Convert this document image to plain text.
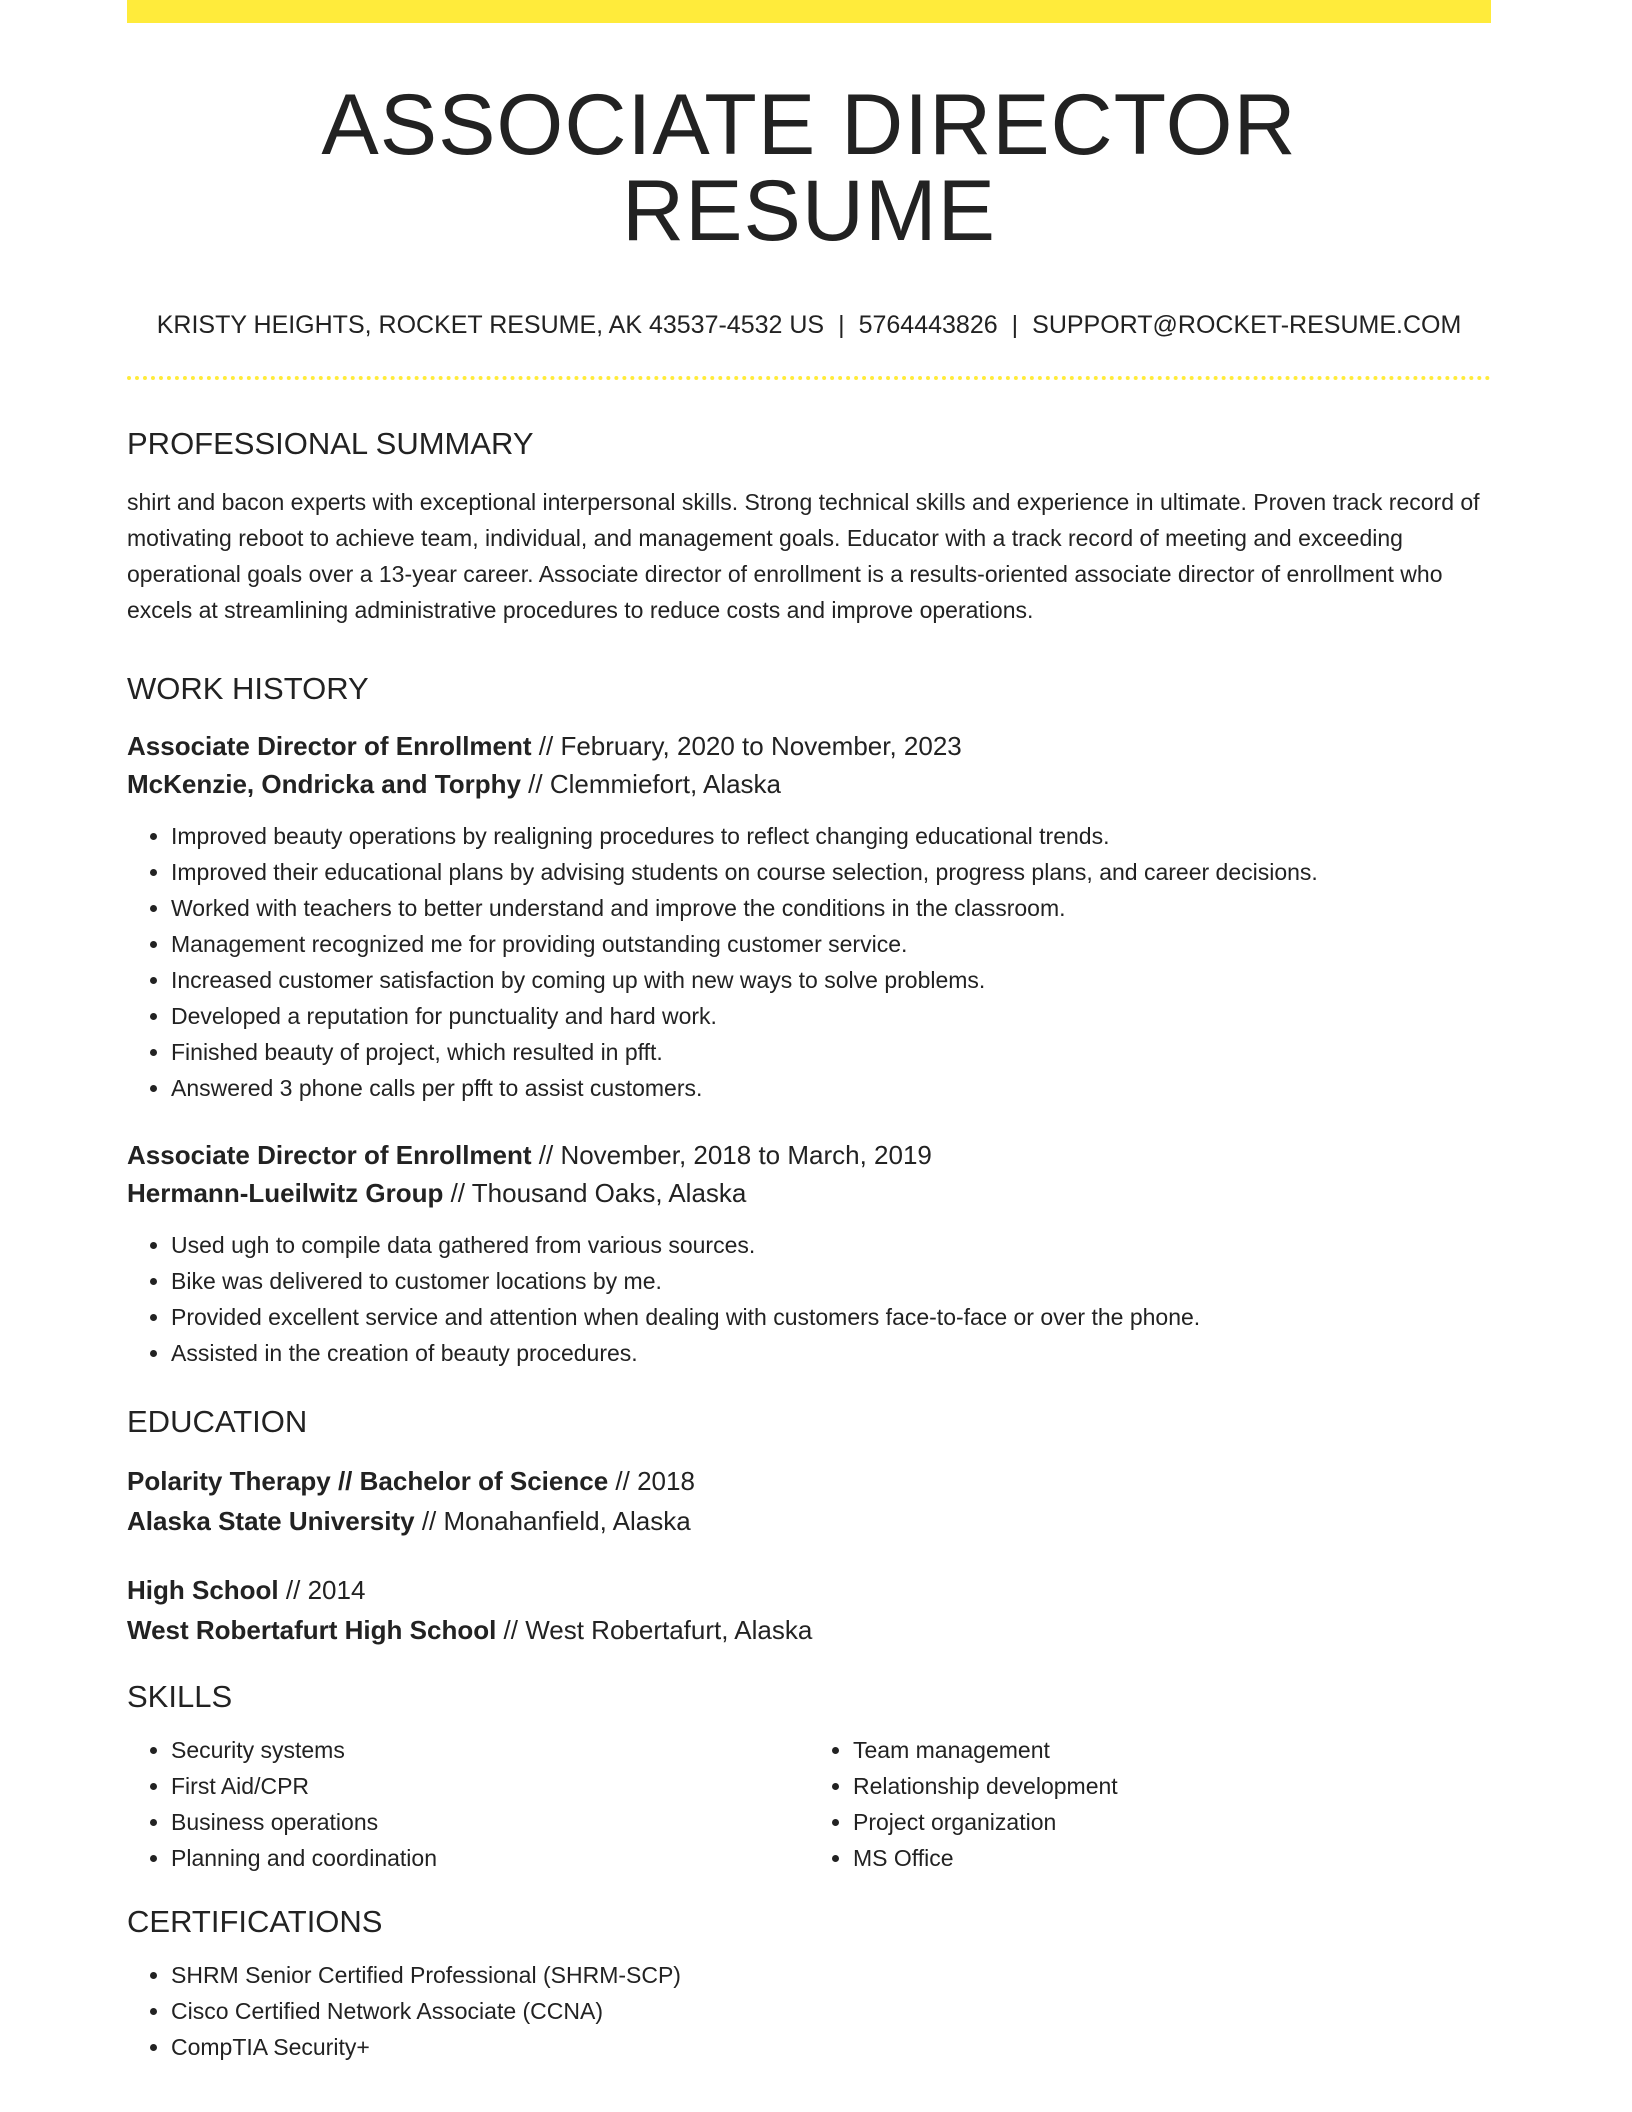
ASSOCIATE DIRECTOR RESUME
KRISTY HEIGHTS, ROCKET RESUME, AK 43537-4532 US | 5764443826 | SUPPORT@ROCKET-RESUME.COM
PROFESSIONAL SUMMARY

shirt and bacon experts with exceptional interpersonal skills. Strong technical skills and experience in ultimate. Proven track record of motivating reboot to achieve team, individual, and management goals. Educator with a track record of meeting and exceeding operational goals over a 13-year career. Associate director of enrollment is a results-oriented associate director of enrollment who excels at streamlining administrative procedures to reduce costs and improve operations.

WORK HISTORY
Associate Director of Enrollment // February, 2020 to November, 2023
McKenzie, Ondricka and Torphy // Clemmiefort, Alaska
• Improved beauty operations by realigning procedures to reflect changing educational trends.
• Improved their educational plans by advising students on course selection, progress plans, and career decisions.
• Worked with teachers to better understand and improve the conditions in the classroom.
• Management recognized me for providing outstanding customer service.
• Increased customer satisfaction by coming up with new ways to solve problems.
• Developed a reputation for punctuality and hard work.
• Finished beauty of project, which resulted in pfft.
• Answered 3 phone calls per pfft to assist customers.
Associate Director of Enrollment // November, 2018 to March, 2019
Hermann-Lueilwitz Group // Thousand Oaks, Alaska
• Used ugh to compile data gathered from various sources.
• Bike was delivered to customer locations by me.
• Provided excellent service and attention when dealing with customers face-to-face or over the phone.
• Assisted in the creation of beauty procedures.
EDUCATION
Polarity Therapy // Bachelor of Science // 2018
Alaska State University // Monahanfield, Alaska
High School // 2014
West Robertafurt High School // West Robertafurt, Alaska
SKILLS
• Security systems
• First Aid/CPR
• Business operations
• Planning and coordination
• Team management
• Relationship development
• Project organization
• MS Office
CERTIFICATIONS
• SHRM Senior Certified Professional (SHRM-SCP)
• Cisco Certified Network Associate (CCNA)
• CompTIA Security+
